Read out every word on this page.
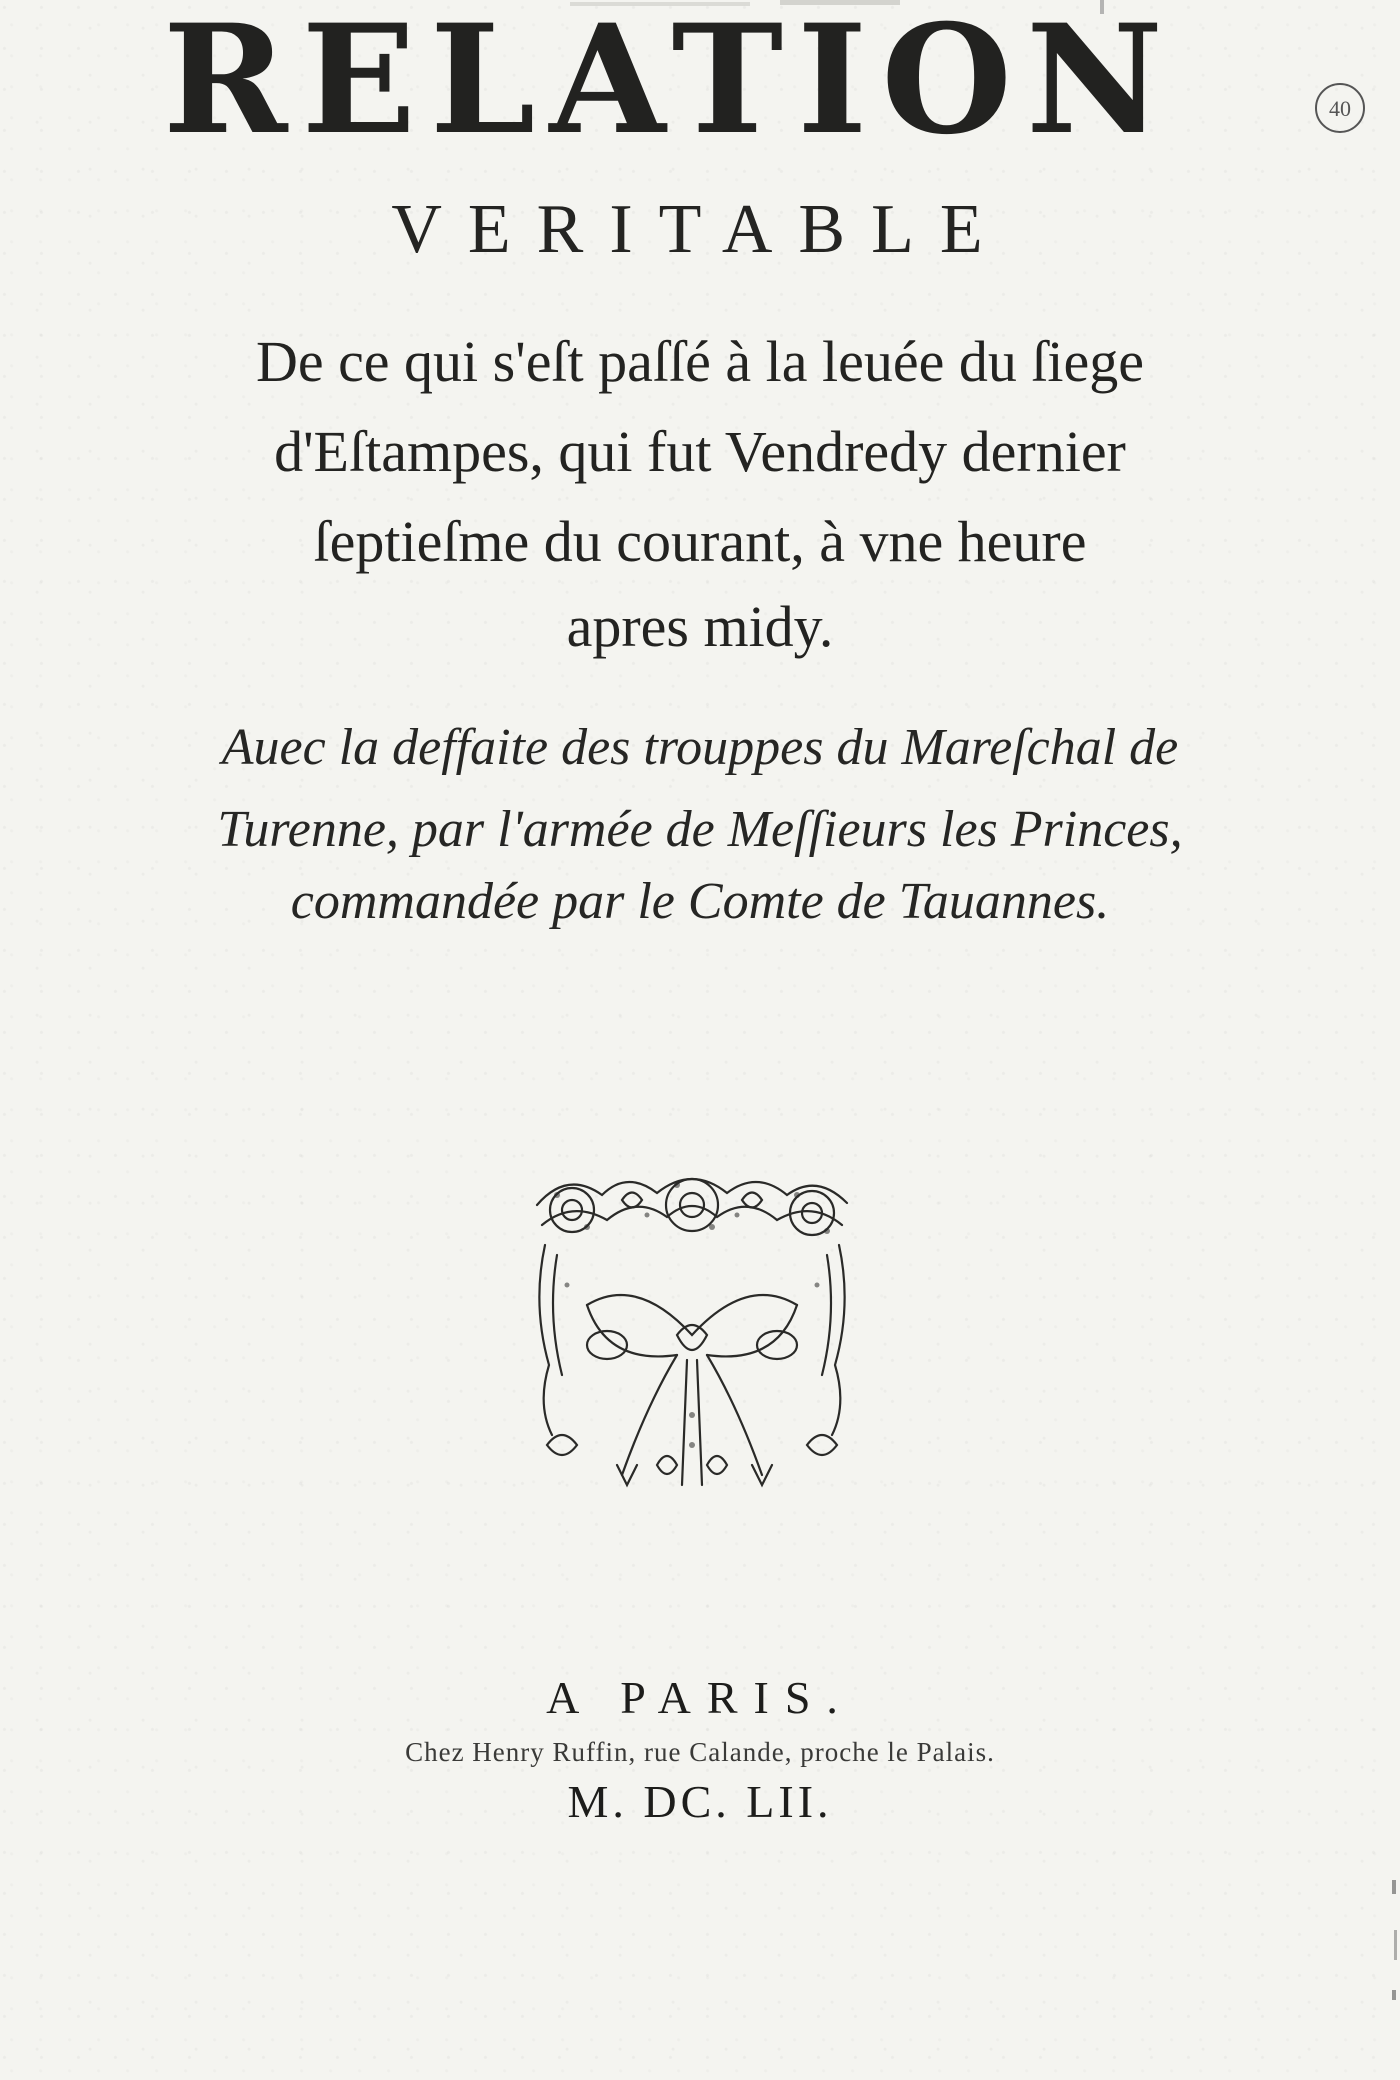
RELATION
VERITABLE
De ce qui s'eſt paſſé à la leuée du ſiege
d'Eſtampes, qui fut Vendredy dernier
ſeptieſme du courant, à vne heure
apres midy.
Auec la deffaite des trouppes du Mareſchal de
Turenne, par l'armée de Meſſieurs les Princes,
commandée par le Comte de Tauannes.
A PARIS.
Chez Henry Ruffin, rue Calande, proche le Palais.
M. DC. LII.
40
